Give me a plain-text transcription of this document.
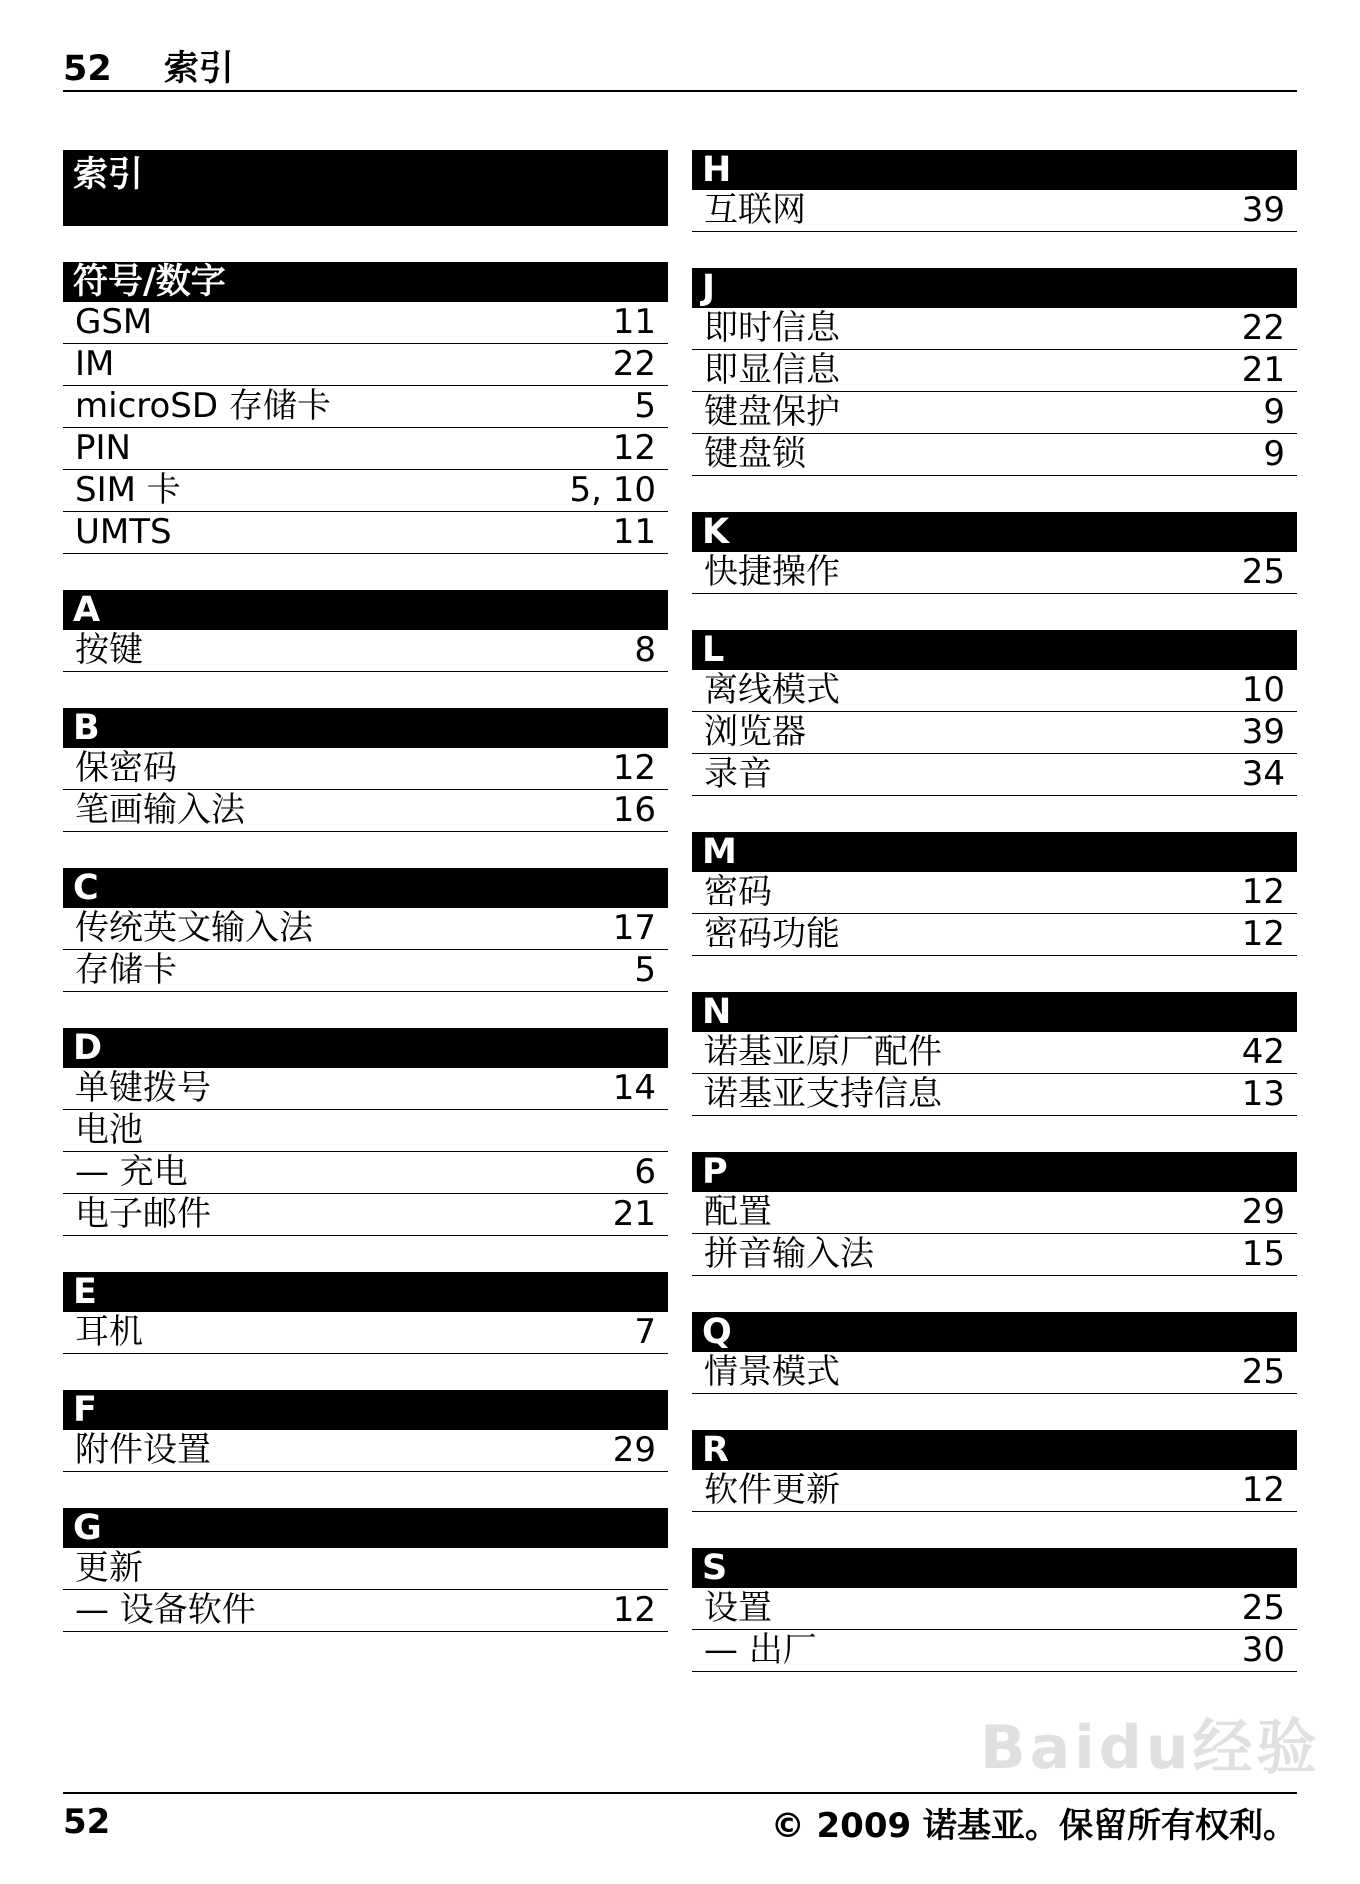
52 索引
索引
符号/数字
GSM	11
IM	22
microSD 存储卡	5
PIN	12
SIM 卡	5, 10
UMTS	11
A
按键	8
B
保密码	12
笔画输入法	16
C
传统英文输入法	17
存储卡	5
D
单键拨号	14
电池
— 充电	6
电子邮件	21
E
耳机	7
F
附件设置	29
G
更新
— 设备软件	12
H
互联网	39
J
即时信息	22
即显信息	21
键盘保护	9
键盘锁	9
K
快捷操作	25
L
离线模式	10
浏览器	39
录音	34
M
密码	12
密码功能	12
N
诺基亚原厂配件	42
诺基亚支持信息	13
P
配置	29
拼音输入法	15
Q
情景模式	25
R
软件更新	12
S
设置	25
— 出厂	30
Baidu经验
52	© 2009 诺基亚。保留所有权利。
